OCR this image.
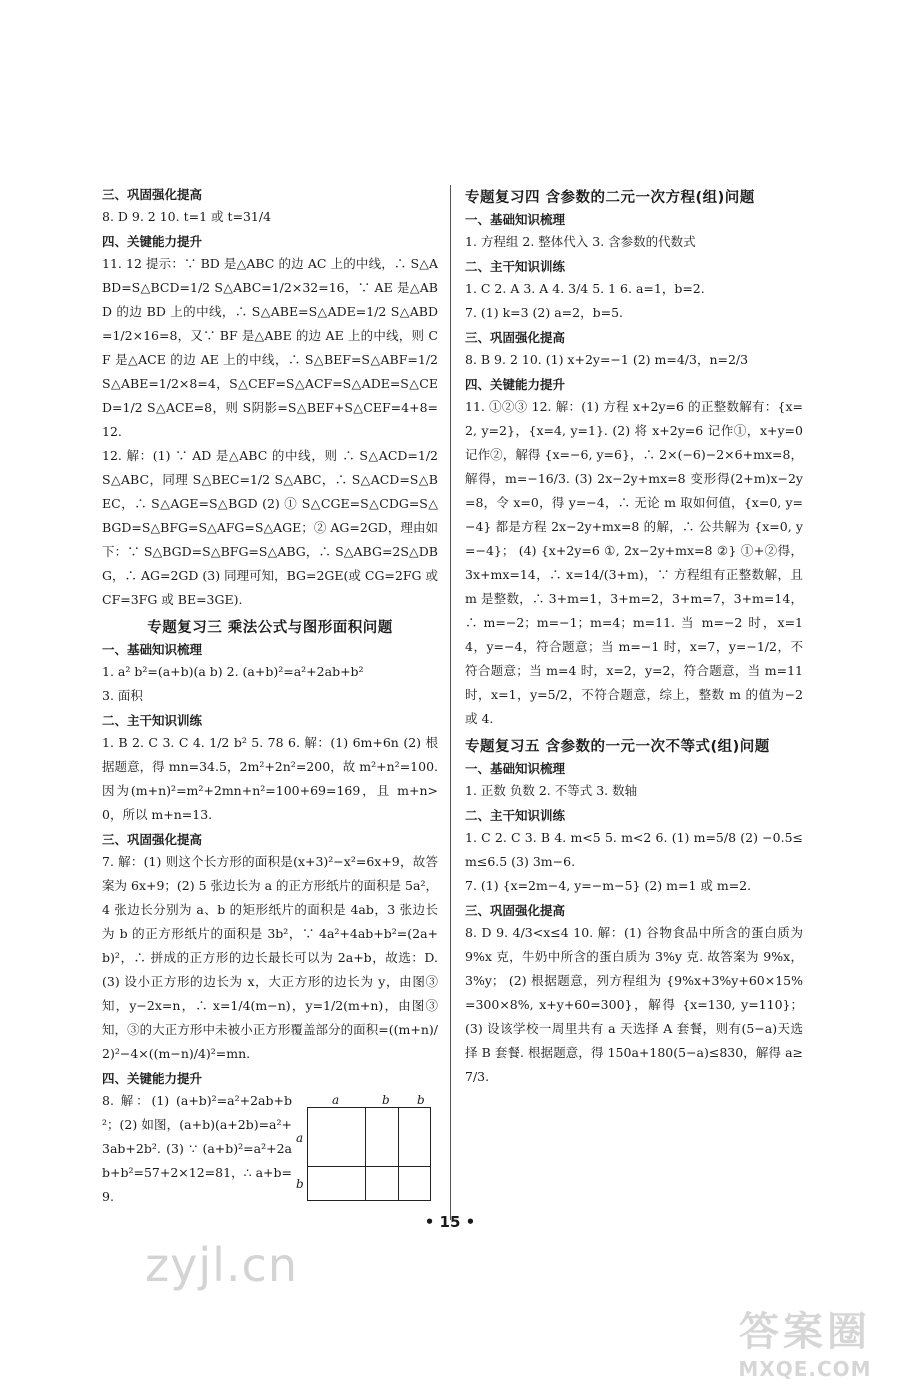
三、巩固强化提高
8. D 9. 2 10. t=1 或 t=31/4
四、关键能力提升
11. 12 提示：∵ BD 是△ABC 的边 AC 上的中线，∴ S△ABD=S△BCD=1/2 S△ABC=1/2×32=16，∵ AE 是△ABD 的边 BD 上的中线，∴ S△ABE=S△ADE=1/2 S△ABD=1/2×16=8，又∵ BF 是△ABE 的边 AE 上的中线，则 CF 是△ACE 的边 AE 上的中线，∴ S△BEF=S△ABF=1/2 S△ABE=1/2×8=4，S△CEF=S△ACF=S△ADE=S△CED=1/2 S△ACE=8，则 S阴影=S△BEF+S△CEF=4+8=12.
12. 解：(1) ∵ AD 是△ABC 的中线，则 ∴ S△ACD=1/2 S△ABC，同理 S△BEC=1/2 S△ABC，∴ S△ACD=S△BEC，∴ S△AGE=S△BGD (2) ① S△CGE=S△CDG=S△BGD=S△BFG=S△AFG=S△AGE；② AG=2GD，理由如下：∵ S△BGD=S△BFG=S△ABG，∴ S△ABG=2S△DBG，∴ AG=2GD (3) 同理可知，BG=2GE(或 CG=2FG 或 CF=3FG 或 BE=3GE).
专题复习三 乘法公式与图形面积问题
一、基础知识梳理
1. a² b²=(a+b)(a b) 2. (a+b)²=a²+2ab+b²
3. 面积
二、主干知识训练
1. B 2. C 3. C 4. 1/2 b² 5. 78 6. 解：(1) 6m+6n (2) 根据题意，得 mn=34.5，2m²+2n²=200，故 m²+n²=100. 因为(m+n)²=m²+2mn+n²=100+69=169，且 m+n>0，所以 m+n=13.
三、巩固强化提高
7. 解：(1) 则这个长方形的面积是(x+3)²−x²=6x+9，故答案为 6x+9；(2) 5 张边长为 a 的正方形纸片的面积是 5a²，4 张边长分别为 a、b 的矩形纸片的面积是 4ab，3 张边长为 b 的正方形纸片的面积是 3b²，∵ 4a²+4ab+b²=(2a+b)²，∴ 拼成的正方形的边长最长可以为 2a+b，故选：D. (3) 设小正方形的边长为 x，大正方形的边长为 y，由图③知，y−2x=n，∴ x=1/4(m−n)，y=1/2(m+n)，由图③知，③的大正方形中未被小正方形覆盖部分的面积=((m+n)/2)²−4×((m−n)/4)²=mn.
四、关键能力提升
8. 解：(1) (a+b)²=a²+2ab+b²；(2) 如图，(a+b)(a+2b)=a²+3ab+2b². (3) ∵ (a+b)²=a²+2ab+b²=57+2×12=81，∴ a+b=9.
专题复习四 含参数的二元一次方程(组)问题
一、基础知识梳理
1. 方程组 2. 整体代入 3. 含参数的代数式
二、主干知识训练
1. C 2. A 3. A 4. 3/4 5. 1 6. a=1，b=2.
7. (1) k=3 (2) a=2，b=5.
三、巩固强化提高
8. B 9. 2 10. (1) x+2y=−1 (2) m=4/3，n=2/3
四、关键能力提升
11. ①②③ 12. 解：(1) 方程 x+2y=6 的正整数解有：{x=2, y=2}，{x=4, y=1}. (2) 将 x+2y=6 记作①，x+y=0 记作②，解得 {x=−6, y=6}，∴ 2×(−6)−2×6+mx=8，解得，m=−16/3. (3) 2x−2y+mx=8 变形得(2+m)x−2y=8，令 x=0，得 y=−4，∴ 无论 m 取如何值，{x=0, y=−4} 都是方程 2x−2y+mx=8 的解，∴ 公共解为 {x=0, y=−4}； (4) {x+2y=6 ①, 2x−2y+mx=8 ②} ①+②得，3x+mx=14，∴ x=14/(3+m)，∵ 方程组有正整数解，且 m 是整数，∴ 3+m=1，3+m=2，3+m=7，3+m=14，∴ m=−2；m=−1；m=4；m=11. 当 m=−2 时，x=14，y=−4，符合题意；当 m=−1 时，x=7，y=−1/2，不符合题意；当 m=4 时，x=2，y=2，符合题意，当 m=11 时，x=1，y=5/2，不符合题意，综上，整数 m 的值为−2 或 4.
专题复习五 含参数的一元一次不等式(组)问题
一、基础知识梳理
1. 正数 负数 2. 不等式 3. 数轴
二、主干知识训练
1. C 2. C 3. B 4. m<5 5. m<2 6. (1) m=5/8 (2) −0.5≤m≤6.5 (3) 3m−6.
7. (1) {x=2m−4, y=−m−5} (2) m=1 或 m=2.
三、巩固强化提高
8. D 9. 4/3<x≤4 10. 解：(1) 谷物食品中所含的蛋白质为 9%x 克，牛奶中所含的蛋白质为 3%y 克. 故答案为 9%x，3%y； (2) 根据题意，列方程组为 {9%x+3%y+60×15%=300×8%, x+y+60=300}，解得 {x=130, y=110}； (3) 设该学校一周里共有 a 天选择 A 套餐，则有(5−a)天选择 B 套餐. 根据题意，得 150a+180(5−a)≤830，解得 a≥7/3.
a	b b
a
b
• 15 •
zyjl.cn
答案圈
MXQE.COM
